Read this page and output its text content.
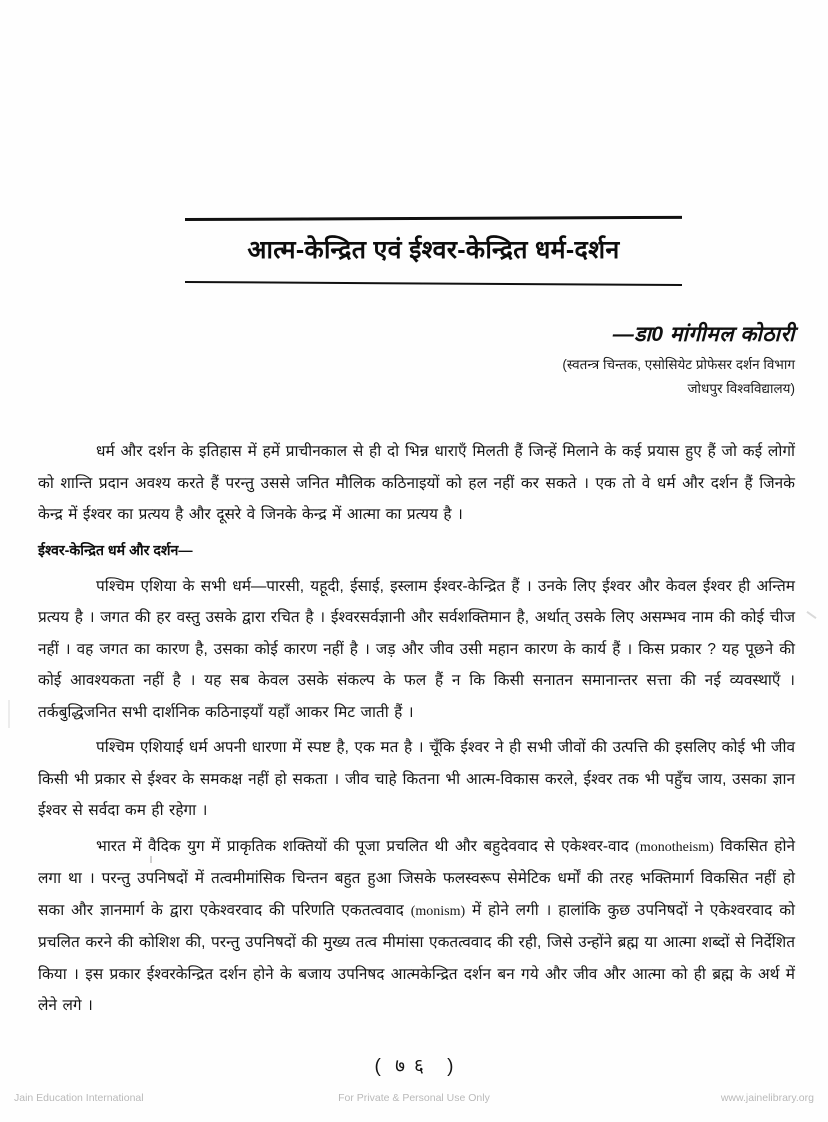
आत्म-केन्द्रित एवं ईश्वर-केन्द्रित धर्म-दर्शन
—डा0 मांगीमल कोठारी
(स्वतन्त्र चिन्तक, एसोसियेट प्रोफेसर दर्शन विभाग
जोधपुर विश्वविद्यालय)

धर्म और दर्शन के इतिहास में हमें प्राचीनकाल से ही दो भिन्न धाराएँ मिलती हैं जिन्हें मिलाने के कई प्रयास हुए हैं जो कई लोगों को शान्ति प्रदान अवश्य करते हैं परन्तु उससे जनित मौलिक कठिनाइयों को हल नहीं कर सकते । एक तो वे धर्म और दर्शन हैं जिनके केन्द्र में ईश्वर का प्रत्यय है और दूसरे वे जिनके केन्द्र में आत्मा का प्रत्यय है ।

ईश्वर-केन्द्रित धर्म और दर्शन—

पश्चिम एशिया के सभी धर्म—पारसी, यहूदी, ईसाई, इस्लाम ईश्वर-केन्द्रित हैं । उनके लिए ईश्वर और केवल ईश्वर ही अन्तिम प्रत्यय है । जगत की हर वस्तु उसके द्वारा रचित है । ईश्वरसर्वज्ञानी और सर्वशक्तिमान है, अर्थात् उसके लिए असम्भव नाम की कोई चीज नहीं । वह जगत का कारण है, उसका कोई कारण नहीं है । जड़ और जीव उसी महान कारण के कार्य हैं । किस प्रकार ? यह पूछने की कोई आवश्यकता नहीं है । यह सब केवल उसके संकल्प के फल हैं न कि किसी सनातन समानान्तर सत्ता की नई व्यवस्थाएँ । तर्कबुद्धिजनित सभी दार्शनिक कठिनाइयाँ यहाँ आकर मिट जाती हैं ।

पश्चिम एशियाई धर्म अपनी धारणा में स्पष्ट है, एक मत है । चूँकि ईश्वर ने ही सभी जीवों की उत्पत्ति की इसलिए कोई भी जीव किसी भी प्रकार से ईश्वर के समकक्ष नहीं हो सकता । जीव चाहे कितना भी आत्म-विकास करले, ईश्वर तक भी पहुँच जाय, उसका ज्ञान ईश्वर से सर्वदा कम ही रहेगा ।

भारत में वैदिक युग में प्राकृतिक शक्तियों की पूजा प्रचलित थी और बहुदेववाद से एकेश्वर-वाद (monotheism) विकसित होने लगा था । परन्तु उपनिषदों में तत्वमीमांसिक चिन्तन बहुत हुआ जिसके फलस्वरूप सेमेटिक धर्मों की तरह भक्तिमार्ग विकसित नहीं हो सका और ज्ञानमार्ग के द्वारा एकेश्वरवाद की परिणति एकतत्ववाद (monism) में होने लगी । हालांकि कुछ उपनिषदों ने एकेश्वरवाद को प्रचलित करने की कोशिश की, परन्तु उपनिषदों की मुख्य तत्व मीमांसा एकतत्ववाद की रही, जिसे उन्होंने ब्रह्म या आत्मा शब्दों से निर्देशित किया । इस प्रकार ईश्वरकेन्द्रित दर्शन होने के बजाय उपनिषद आत्मकेन्द्रित दर्शन बन गये और जीव और आत्मा को ही ब्रह्म के अर्थ में लेने लगे ।

( ७६ )
Jain Education International	For Private & Personal Use Only	www.jainelibrary.org
